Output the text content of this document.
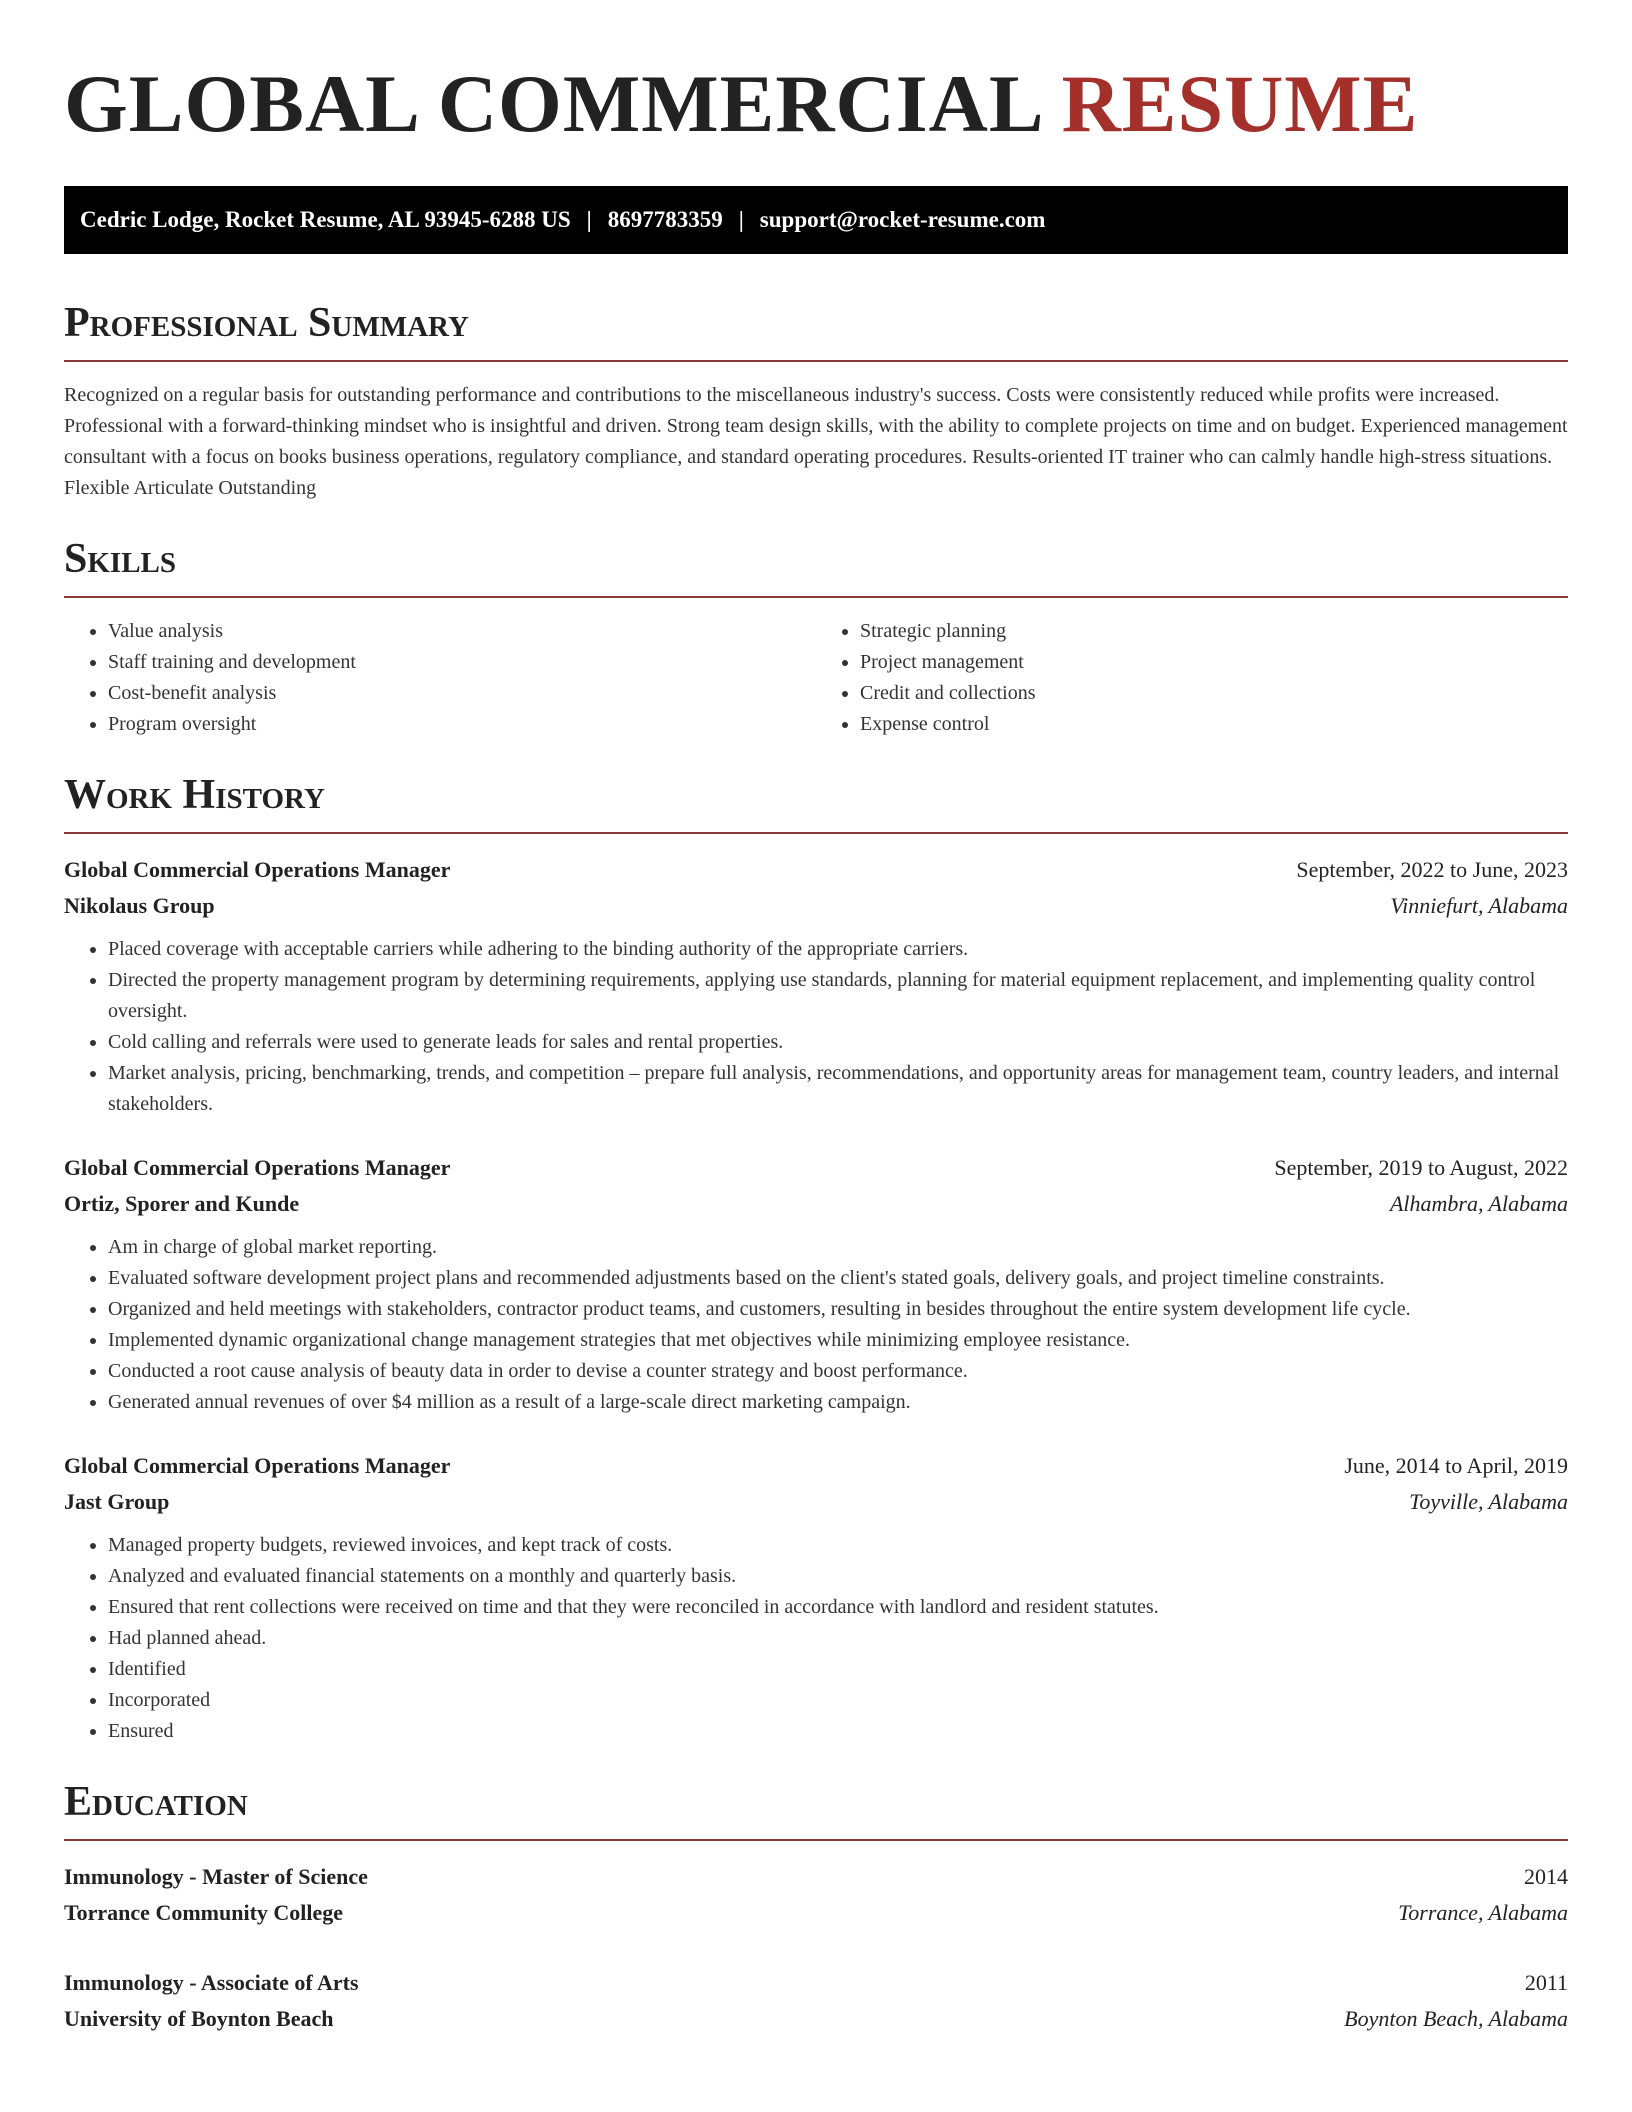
GLOBAL COMMERCIAL RESUME
Cedric Lodge, Rocket Resume, AL 93945-6288 US | 8697783359 | support@rocket-resume.com
Professional Summary

Recognized on a regular basis for outstanding performance and contributions to the miscellaneous industry's success. Costs were consistently reduced while profits were increased. Professional with a forward-thinking mindset who is insightful and driven. Strong team design skills, with the ability to complete projects on time and on budget. Experienced management consultant with a focus on books business operations, regulatory compliance, and standard operating procedures. Results-oriented IT trainer who can calmly handle high-stress situations. Flexible Articulate Outstanding

Skills
• Value analysis
• Staff training and development
• Cost-benefit analysis
• Program oversight
• Strategic planning
• Project management
• Credit and collections
• Expense control
Work History
Global Commercial Operations Manager	September, 2022 to June, 2023
Nikolaus Group	Vinniefurt, Alabama
• Placed coverage with acceptable carriers while adhering to the binding authority of the appropriate carriers.
• Directed the property management program by determining requirements, applying use standards, planning for material equipment replacement, and implementing quality control oversight.
• Cold calling and referrals were used to generate leads for sales and rental properties.
• Market analysis, pricing, benchmarking, trends, and competition – prepare full analysis, recommendations, and opportunity areas for management team, country leaders, and internal stakeholders.
Global Commercial Operations Manager	September, 2019 to August, 2022
Ortiz, Sporer and Kunde	Alhambra, Alabama
• Am in charge of global market reporting.
• Evaluated software development project plans and recommended adjustments based on the client's stated goals, delivery goals, and project timeline constraints.
• Organized and held meetings with stakeholders, contractor product teams, and customers, resulting in besides throughout the entire system development life cycle.
• Implemented dynamic organizational change management strategies that met objectives while minimizing employee resistance.
• Conducted a root cause analysis of beauty data in order to devise a counter strategy and boost performance.
• Generated annual revenues of over $4 million as a result of a large-scale direct marketing campaign.
Global Commercial Operations Manager	June, 2014 to April, 2019
Jast Group	Toyville, Alabama
• Managed property budgets, reviewed invoices, and kept track of costs.
• Analyzed and evaluated financial statements on a monthly and quarterly basis.
• Ensured that rent collections were received on time and that they were reconciled in accordance with landlord and resident statutes.
• Had planned ahead.
• Identified
• Incorporated
• Ensured
Education
Immunology - Master of Science	2014
Torrance Community College	Torrance, Alabama
Immunology - Associate of Arts	2011
University of Boynton Beach	Boynton Beach, Alabama
